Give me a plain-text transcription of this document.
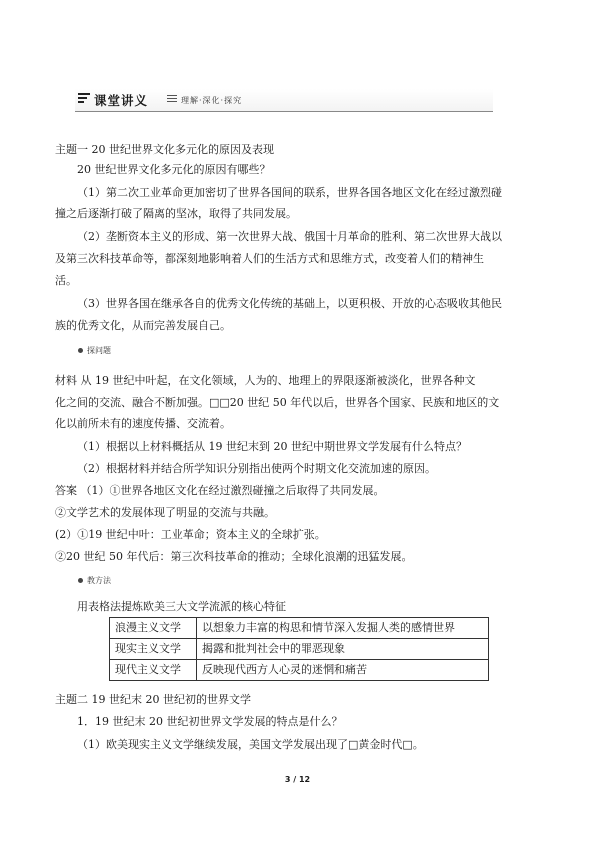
课堂讲义	理解·深化·探究
主题一 20 世纪世界文化多元化的原因及表现
20 世纪世界文化多元化的原因有哪些？
（1）第二次工业革命更加密切了世界各国间的联系，世界各国各地区文化在经过激烈碰
撞之后逐渐打破了隔离的坚冰，取得了共同发展。
（2）垄断资本主义的形成、第一次世界大战、俄国十月革命的胜利、第二次世界大战以
及第三次科技革命等，都深刻地影响着人们的生活方式和思维方式，改变着人们的精神生
活。
（3）世界各国在继承各自的优秀文化传统的基础上，以更积极、开放的心态吸收其他民
族的优秀文化，从而完善发展自己。
探问题
材料 从 19 世纪中叶起，在文化领域，人为的、地理上的界限逐渐被淡化，世界各种文
化之间的交流、融合不断加强。□□20 世纪 50 年代以后，世界各个国家、民族和地区的文
化以前所未有的速度传播、交流着。
（1）根据以上材料概括从 19 世纪末到 20 世纪中期世界文学发展有什么特点？
（2）根据材料并结合所学知识分别指出使两个时期文化交流加速的原因。
答案 （1）①世界各地区文化在经过激烈碰撞之后取得了共同发展。
②文学艺术的发展体现了明显的交流与共融。
(2）①19 世纪中叶：工业革命；资本主义的全球扩张。
②20 世纪 50 年代后：第三次科技革命的推动；全球化浪潮的迅猛发展。
教方法
用表格法提炼欧美三大文学流派的核心特征
浪漫主义文学	以想象力丰富的构思和情节深入发掘人类的感情世界
现实主义文学	揭露和批判社会中的罪恶现象
现代主义文学	反映现代西方人心灵的迷惘和痛苦
主题二 19 世纪末 20 世纪初的世界文学
1．19 世纪末 20 世纪初世界文学发展的特点是什么？
（1）欧美现实主义文学继续发展，美国文学发展出现了□黄金时代□。
3 / 12
